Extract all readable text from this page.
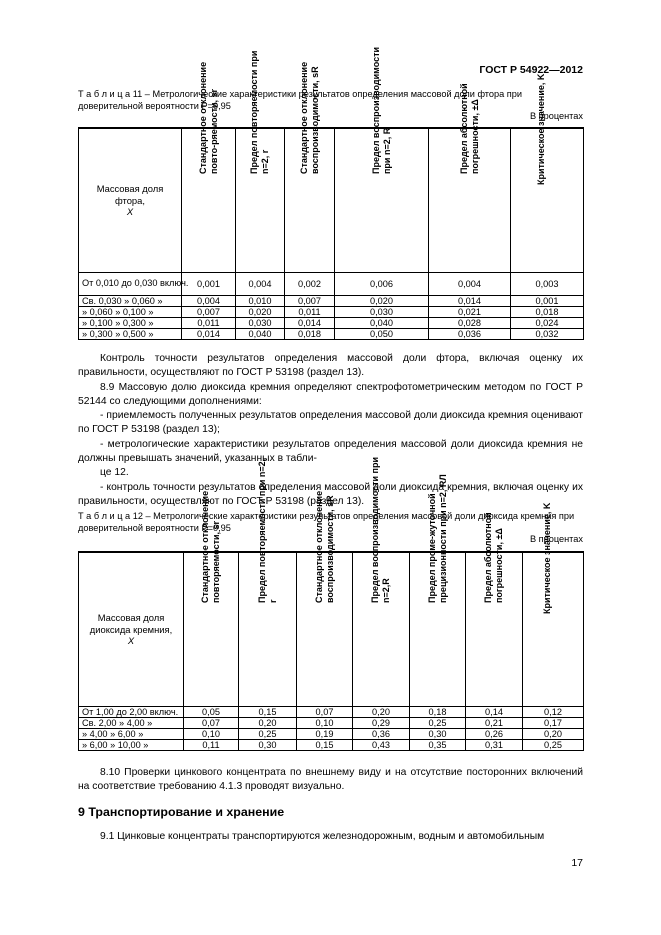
ГОСТ Р 54922—2012
Т а б л и ц а 11 – Метрологические характеристики результатов определения массовой доли фтора при доверительной вероятности Р=0,95
В процентах
Массовая доля
фтора,
Х	Стандартное отклонение повто-ряемости, sr	Предел повторяемости при n=2, r	Стандартное отклонение воспроизводимости, sR	Предел воспроизводимости при n=2, R	Предел абсолютной погрешности, ±Δ	Критическое значение, K

От 0,010 до 0,030 включ.	0,001	0,004	0,002	0,006	0,004	0,003
Св. 0,030 » 0,060 »	0,004	0,010	0,007	0,020	0,014	0,001
» 0,060 » 0,100 »	0,007	0,020	0,011	0,030	0,021	0,018
» 0,100 » 0,300 »	0,011	0,030	0,014	0,040	0,028	0,024
» 0,300 » 0,500 »	0,014	0,040	0,018	0,050	0,036	0,032

Контроль точности результатов определения массовой доли фтора, включая оценку их правильности, осуществляют по ГОСТ Р 53198 (раздел 13).

8.9 Массовую долю диоксида кремния определяют спектрофотометрическим методом по ГОСТ Р 52144 со следующими дополнениями:

- приемлемость полученных результатов определения массовой доли диоксида кремния оценивают по ГОСТ Р 53198 (раздел 13);

- метрологические характеристики результатов определения массовой доли диоксида кремния не должны превышать значений, указанных в табли-

це 12.

- контроль точности результатов определения массовой доли диоксида кремния, включая оценку их правильности, осуществляют по ГОСТ Р 53198 (раздел 13).

Т а б л и ц а 12 – Метрологические характеристики результатов определения массовой доли диоксида кремния при доверительной вероятности Р=0,95
В процентах
Массовая доля
диоксида кремния,
Х	Стандартное отклонение повторяемости, sr	Предел повторяемости при n=2, r	Стандартное отклонение воспроизводимости, sR	Предел воспроизводимости при n=2,R	Предел проме-жуточной прецизионности при n=2, RЛ	Предел абсолютной погрешности, ±Δ	Критическое значение, K

От 1,00 до 2,00 включ.	0,05	0,15	0,07	0,20	0,18	0,14	0,12
Св. 2,00 » 4,00 »	0,07	0,20	0,10	0,29	0,25	0,21	0,17
» 4,00 » 6,00 »	0,10	0,25	0,19	0,36	0,30	0,26	0,20
» 6,00 » 10,00 »	0,11	0,30	0,15	0,43	0,35	0,31	0,25

8.10 Проверки цинкового концентрата по внешнему виду и на отсутствие посторонних включений на соответствие требованию 4.1.3 проводят визуально.

9 Транспортирование и хранение

9.1 Цинковые концентраты транспортируются железнодорожным, водным и автомобильным

17
